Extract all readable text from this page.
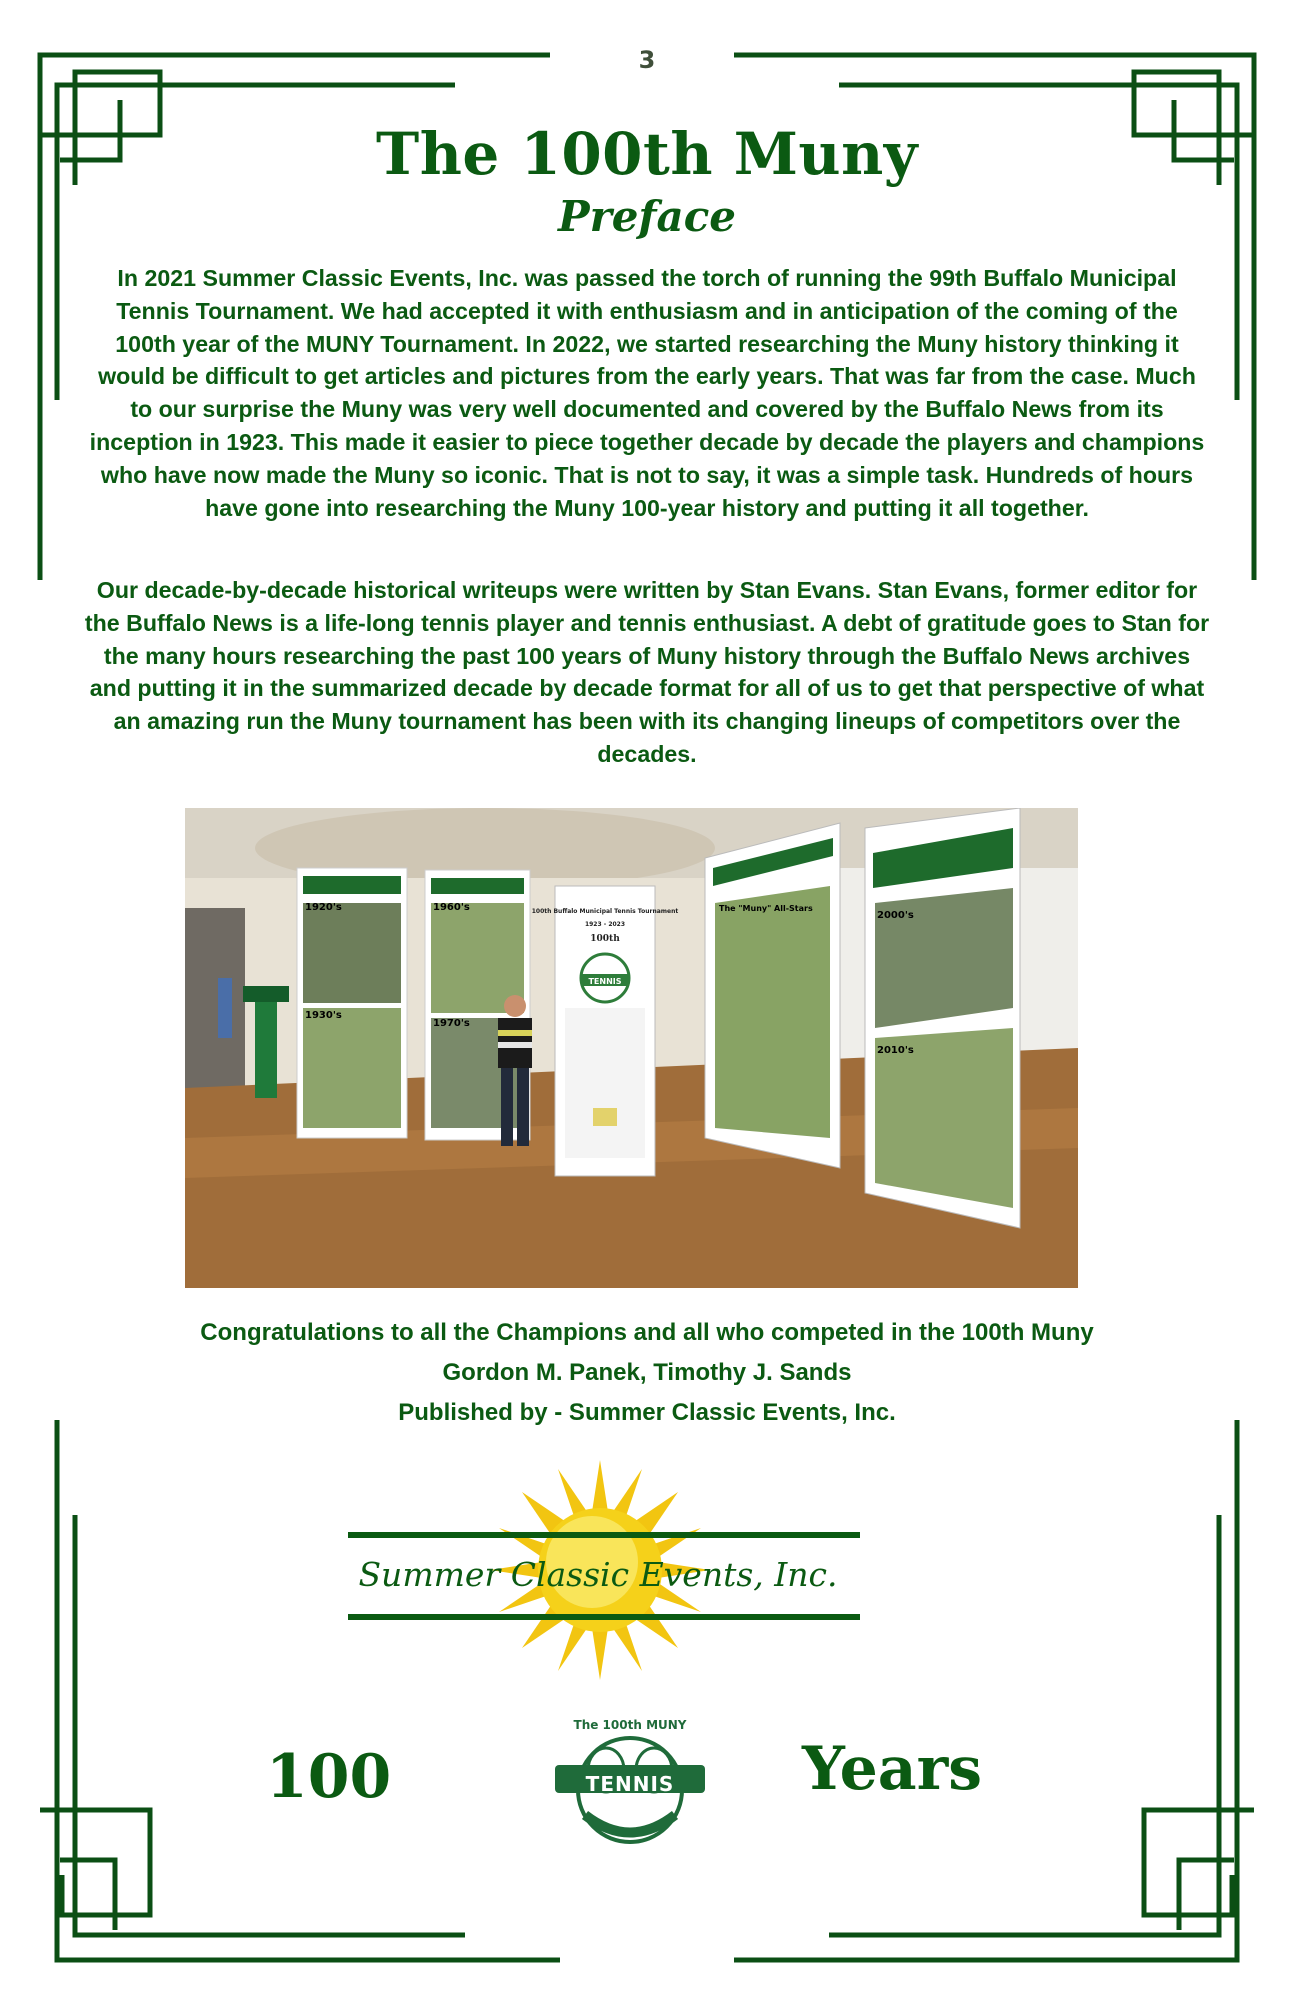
3
The 100th Muny
Preface

In 2021 Summer Classic Events, Inc. was passed the torch of running the 99th Buffalo Municipal Tennis Tournament. We had accepted it with enthusiasm and in anticipation of the coming of the 100th year of the MUNY Tournament. In 2022, we started researching the Muny history thinking it would be difficult to get articles and pictures from the early years. That was far from the case. Much to our surprise the Muny was very well documented and covered by the Buffalo News from its inception in 1923. This made it easier to piece together decade by decade the players and champions who have now made the Muny so iconic. That is not to say, it was a simple task. Hundreds of hours have gone into researching the Muny 100-year history and putting it all together.

Our decade-by-decade historical writeups were written by Stan Evans. Stan Evans, former editor for the Buffalo News is a life-long tennis player and tennis enthusiast. A debt of gratitude goes to Stan for the many hours researching the past 100 years of Muny history through the Buffalo News archives and putting it in the summarized decade by decade format for all of us to get that perspective of what an amazing run the Muny tournament has been with its changing lineups of competitors over the decades.

1920's
1930's
1960's
1970's
100th Buffalo Municipal Tennis Tournament
1923 - 2023
100th
TENNIS
The "Muny" All-Stars
2000's
2010's
Congratulations to all the Champions and all who competed in the 100th Muny
Gordon M. Panek, Timothy J. Sands
Published by - Summer Classic Events, Inc.
Summer Classic Events, Inc.
100	Years
The 100th MUNY
TENNIS
